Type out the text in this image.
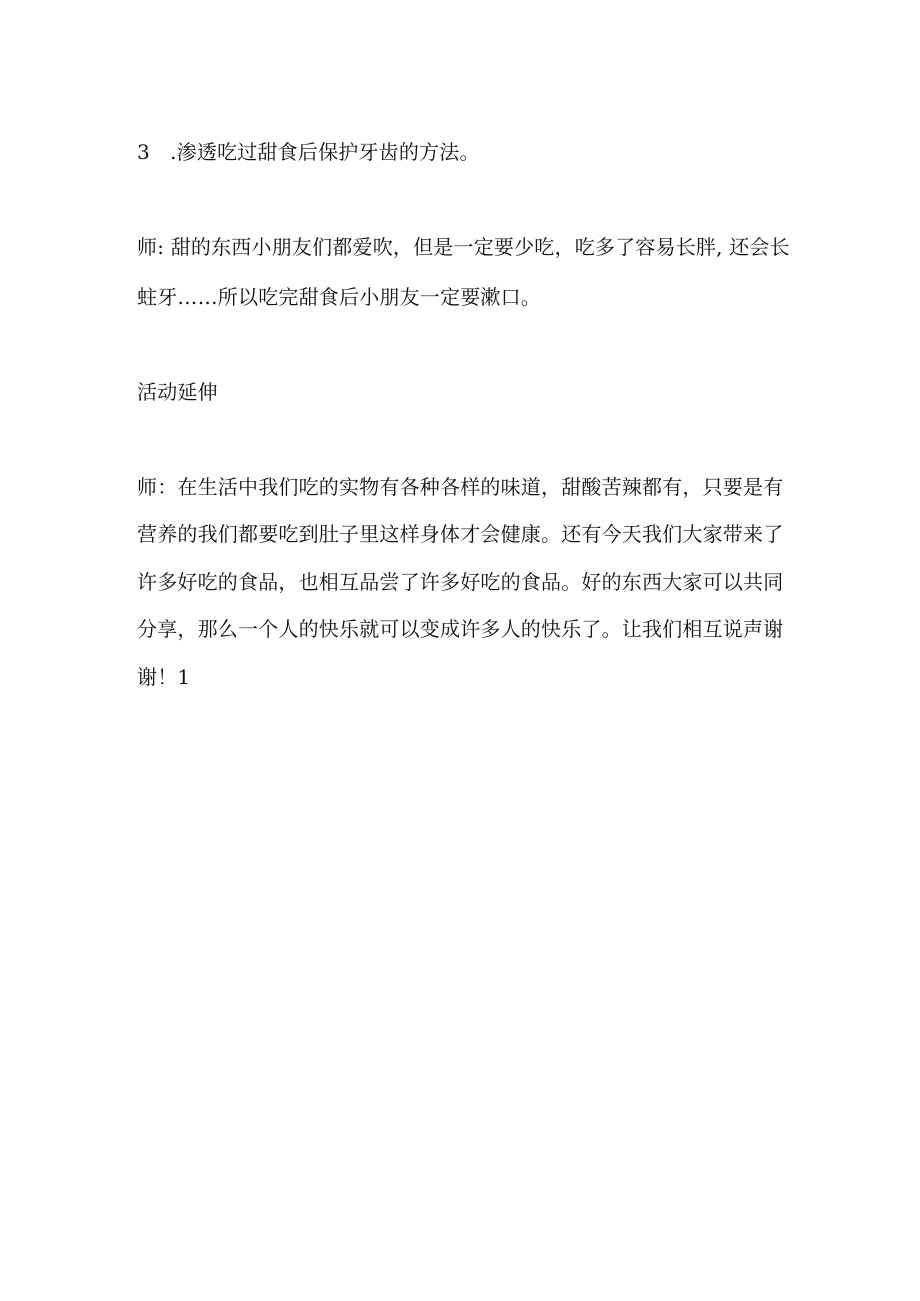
3　.渗透吃过甜食后保护牙齿的方法。
师: 甜的东西小朋友们都爱吹，但是一定要少吃，吃多了容易长胖, 还会长
蛀牙……所以吃完甜食后小朋友一定要漱口。
活动延伸
师：在生活中我们吃的实物有各种各样的味道，甜酸苦辣都有，只要是有
营养的我们都要吃到肚子里这样身体才会健康。还有今天我们大家带来了
许多好吃的食品，也相互品尝了许多好吃的食品。好的东西大家可以共同
分享，那么一个人的快乐就可以变成许多人的快乐了。让我们相互说声谢
谢！1
